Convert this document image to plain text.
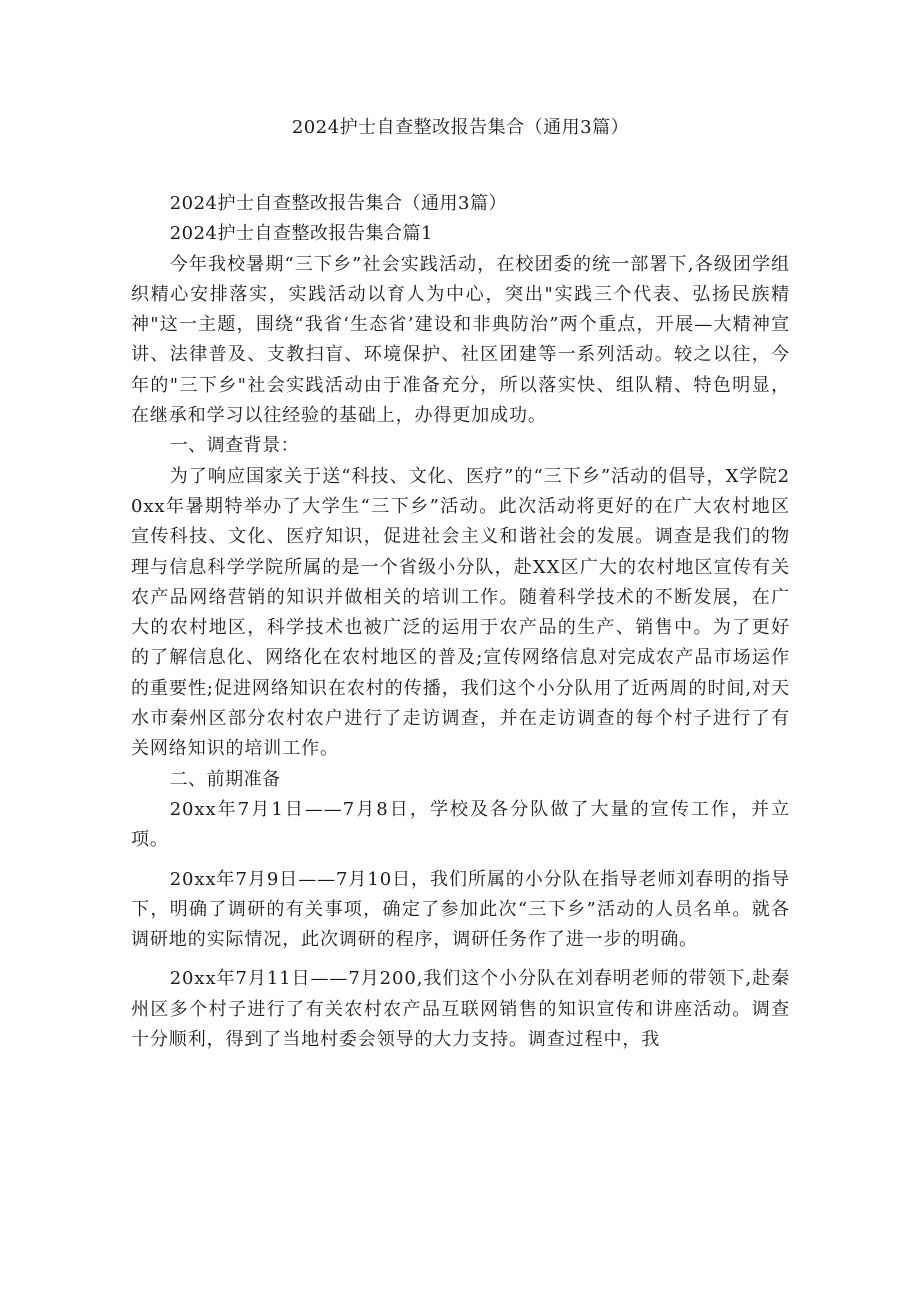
2024护士自查整改报告集合（通用3篇）

2024护士自查整改报告集合（通用3篇）

2024护士自查整改报告集合篇1

今年我校暑期“三下乡”社会实践活动，在校团委的统一部署下,各级团学组织精心安排落实，实践活动以育人为中心，突出"实践三个代表、弘扬民族精神"这一主题，围绕“我省‘生态省’建设和非典防治”两个重点，开展—大精神宣讲、法律普及、支教扫盲、环境保护、社区团建等一系列活动。较之以往，今年的"三下乡"社会实践活动由于准备充分，所以落实快、组队精、特色明显，在继承和学习以往经验的基础上，办得更加成功。

一、调查背景：

为了响应国家关于送“科技、文化、医疗”的“三下乡”活动的倡导，X学院20xx年暑期特举办了大学生“三下乡”活动。此次活动将更好的在广大农村地区宣传科技、文化、医疗知识，促进社会主义和谐社会的发展。调查是我们的物理与信息科学学院所属的是一个省级小分队，赴XX区广大的农村地区宣传有关农产品网络营销的知识并做相关的培训工作。随着科学技术的不断发展，在广大的农村地区，科学技术也被广泛的运用于农产品的生产、销售中。为了更好的了解信息化、网络化在农村地区的普及;宣传网络信息对完成农产品市场运作的重要性;促进网络知识在农村的传播，我们这个小分队用了近两周的时间,对天水市秦州区部分农村农户进行了走访调查，并在走访调查的每个村子进行了有关网络知识的培训工作。

二、前期准备

20xx年7月1日——7月8日，学校及各分队做了大量的宣传工作，并立项。

20xx年7月9日——7月10日，我们所属的小分队在指导老师刘春明的指导下，明确了调研的有关事项，确定了参加此次“三下乡”活动的人员名单。就各调研地的实际情况，此次调研的程序，调研任务作了进一步的明确。

20xx年7月11日——7月200,我们这个小分队在刘春明老师的带领下,赴秦州区多个村子进行了有关农村农产品互联网销售的知识宣传和讲座活动。调查十分顺利，得到了当地村委会领导的大力支持。调查过程中，我
